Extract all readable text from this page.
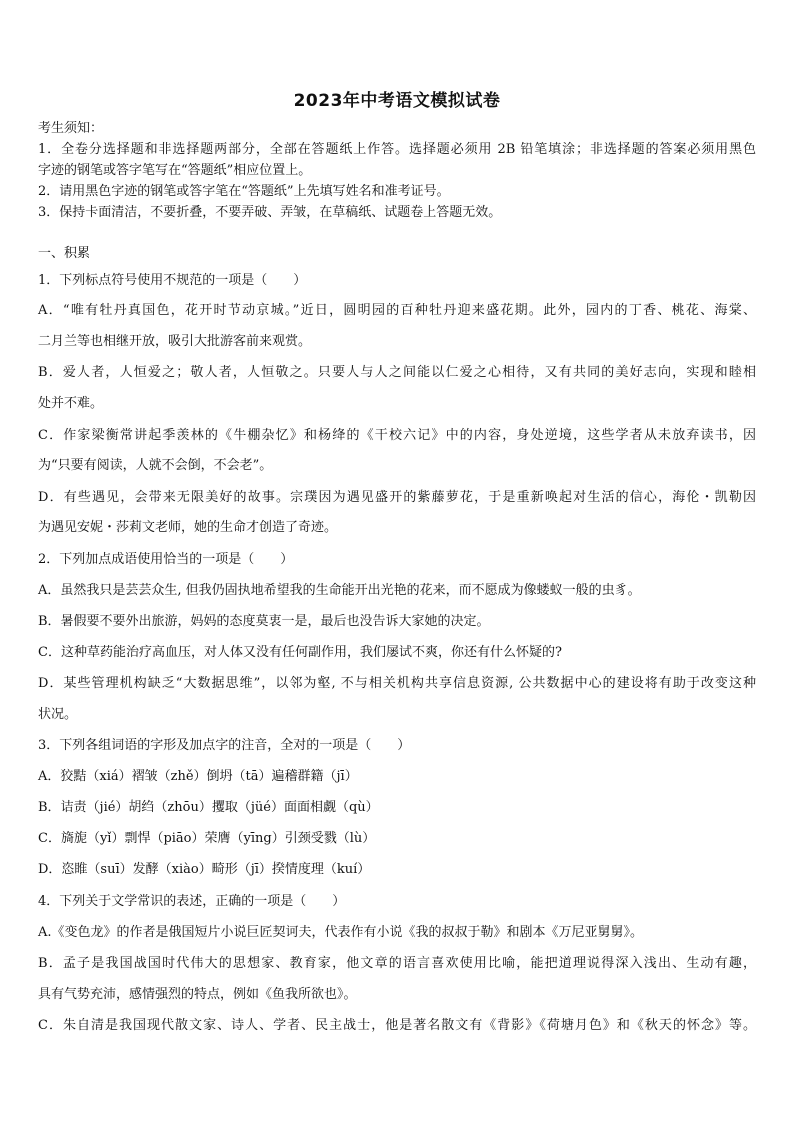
2023年中考语文模拟试卷
考生须知：
1．全卷分选择题和非选择题两部分，全部在答题纸上作答。选择题必须用 2B 铅笔填涂；非选择题的答案必须用黑色
字迹的钢笔或答字笔写在“答题纸”相应位置上。
2．请用黑色字迹的钢笔或答字笔在“答题纸”上先填写姓名和准考证号。
3．保持卡面清洁，不要折叠，不要弄破、弄皱，在草稿纸、试题卷上答题无效。
一、积累
1．下列标点符号使用不规范的一项是（　　）
A．“唯有牡丹真国色，花开时节动京城。”近日，圆明园的百种牡丹迎来盛花期。此外，园内的丁香、桃花、海棠、
二月兰等也相继开放，吸引大批游客前来观赏。
B．爱人者，人恒爱之；敬人者，人恒敬之。只要人与人之间能以仁爱之心相待，又有共同的美好志向，实现和睦相
处并不难。
C．作家梁衡常讲起季羡林的《牛棚杂忆》和杨绛的《干校六记》中的内容，身处逆境，这些学者从未放弃读书，因
为“只要有阅读，人就不会倒，不会老”。
D．有些遇见，会带来无限美好的故事。宗璞因为遇见盛开的紫藤萝花，于是重新唤起对生活的信心，海伦・凯勒因
为遇见安妮・莎莉文老师，她的生命才创造了奇迹。
2．下列加点成语使用恰当的一项是（　　）
A．虽然我只是芸芸众生, 但我仍固执地希望我的生命能开出光艳的花来，而不愿成为像蝼蚁一般的虫豸。
B．暑假要不要外出旅游，妈妈的态度莫衷一是，最后也没告诉大家她的决定。
C．这种草药能治疗高血压，对人体又没有任何副作用，我们屡试不爽，你还有什么怀疑的?
D．某些管理机构缺乏“大数据思维”，以邻为壑, 不与相关机构共享信息资源, 公共数据中心的建设将有助于改变这种
状况。
3．下列各组词语的字形及加点字的注音，全对的一项是（　　）
A．狡黠（xiá）褶皱（zhě）倒坍（tā）遍稽群籍（jī）
B．诘责（jié）胡绉（zhōu）攫取（jüé）面面相觑（qù）
C．旖旎（yǐ）剽悍（piāo）荣膺（yīng）引颈受戮（lù）
D．恣睢（suī）发酵（xiào）畸形（jī）揆情度理（kuí）
4．下列关于文学常识的表述，正确的一项是（　　）
A.《变色龙》的作者是俄国短片小说巨匠契诃夫，代表作有小说《我的叔叔于勒》和剧本《万尼亚舅舅》。
B．孟子是我国战国时代伟大的思想家、教育家，他文章的语言喜欢使用比喻，能把道理说得深入浅出、生动有趣，
具有气势充沛，感情强烈的特点，例如《鱼我所欲也》。
C．朱自清是我国现代散文家、诗人、学者、民主战士，他是著名散文有《背影》《荷塘月色》和《秋天的怀念》等。
